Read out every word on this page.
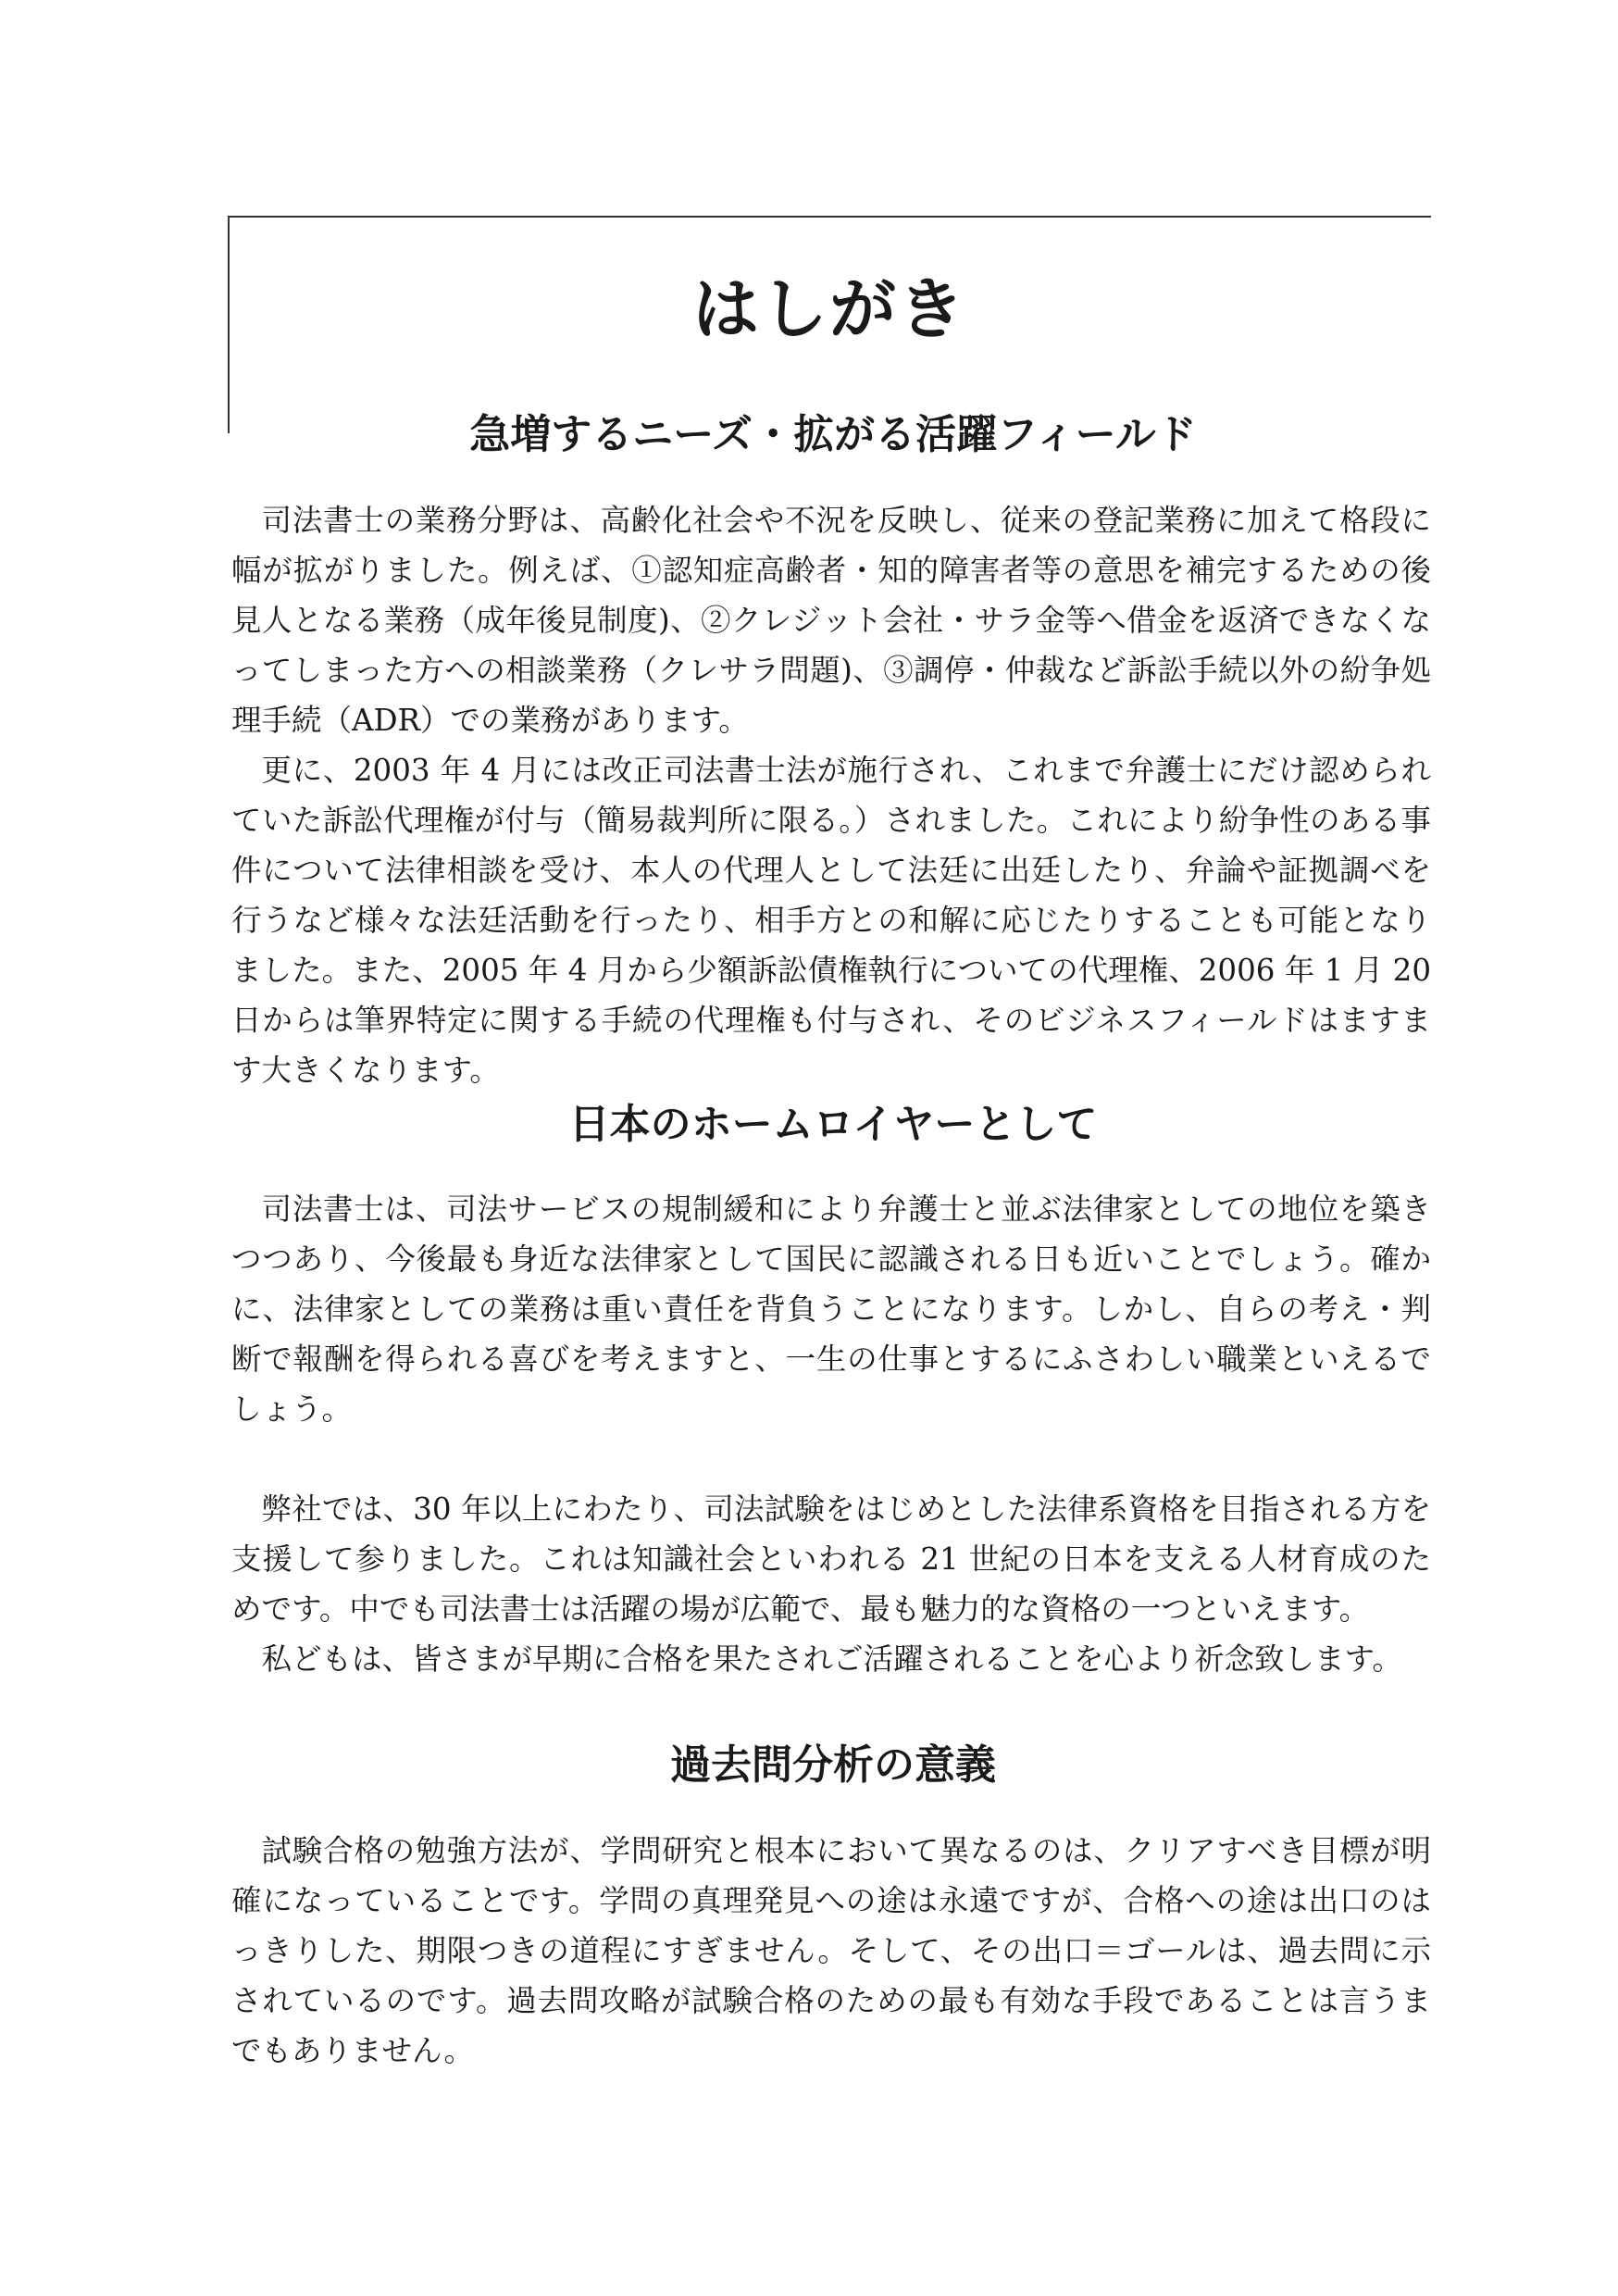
はしがき
急増するニーズ・拡がる活躍フィールド

司法書士の業務分野は、高齢化社会や不況を反映し、従来の登記業務に加えて格段に幅が拡がりました。例えば、①認知症高齢者・知的障害者等の意思を補完するための後見人となる業務（成年後見制度)、②クレジット会社・サラ金等へ借金を返済できなくなってしまった方への相談業務（クレサラ問題)、③調停・仲裁など訴訟手続以外の紛争処理手続（ADR）での業務があります。

更に、2003 年 4 月には改正司法書士法が施行され、これまで弁護士にだけ認められていた訴訟代理権が付与（簡易裁判所に限る。）されました。これにより紛争性のある事件について法律相談を受け、本人の代理人として法廷に出廷したり、弁論や証拠調べを行うなど様々な法廷活動を行ったり、相手方との和解に応じたりすることも可能となりました。また、2005 年 4 月から少額訴訟債権執行についての代理権、2006 年 1 月 20 日からは筆界特定に関する手続の代理権も付与され、そのビジネスフィールドはますます大きくなります。

日本のホームロイヤーとして

司法書士は、司法サービスの規制緩和により弁護士と並ぶ法律家としての地位を築きつつあり、今後最も身近な法律家として国民に認識される日も近いことでしょう。確かに、法律家としての業務は重い責任を背負うことになります。しかし、自らの考え・判断で報酬を得られる喜びを考えますと、一生の仕事とするにふさわしい職業といえるでしょう。

弊社では、30 年以上にわたり、司法試験をはじめとした法律系資格を目指される方を支援して参りました。これは知識社会といわれる 21 世紀の日本を支える人材育成のためです。中でも司法書士は活躍の場が広範で、最も魅力的な資格の一つといえます。

私どもは、皆さまが早期に合格を果たされご活躍されることを心より祈念致します。

過去問分析の意義

試験合格の勉強方法が、学問研究と根本において異なるのは、クリアすべき目標が明確になっていることです。学問の真理発見への途は永遠ですが、合格への途は出口のはっきりした、期限つきの道程にすぎません。そして、その出口＝ゴールは、過去問に示されているのです。過去問攻略が試験合格のための最も有効な手段であることは言うまでもありません。
